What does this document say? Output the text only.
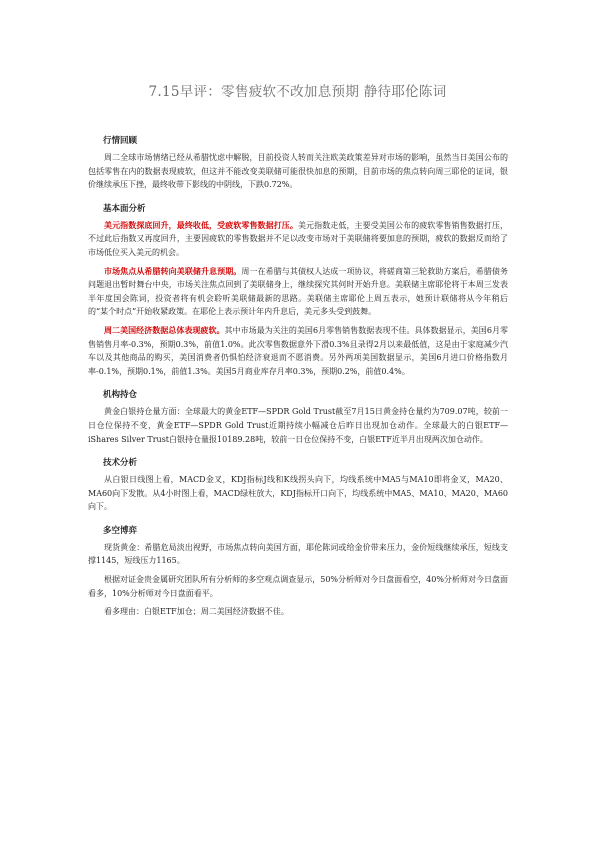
7.15早评：零售疲软不改加息预期 静待耶伦陈词
行情回顾

周二全球市场情绪已经从希腊忧虑中解脱，目前投资人转而关注欧美政策差异对市场的影响，虽然当日美国公布的包括零售在内的数据表现疲软，但这并不能改变美联储可能很快加息的预期，目前市场的焦点转向周三耶伦的证词，银价继续承压下挫，最终收带下影线的中阴线，下跌0.72%。

基本面分析

美元指数探底回升，最终收低，受疲软零售数据打压。美元指数走低，主要受美国公布的疲软零售销售数据打压，不过此后指数又再度回升，主要因疲软的零售数据并不足以改变市场对于美联储将要加息的预期，疲软的数据反而给了市场低位买入美元的机会。

市场焦点从希腊转向美联储升息预期。周一在希腊与其债权人达成一项协议，将磋商第三轮救助方案后，希腊债务问题退出暂时舞台中央，市场关注焦点回到了美联储身上，继续探究其何时开始升息。美联储主席耶伦将于本周三发表半年度国会陈词，投资者将有机会聆听美联储最新的思路。美联储主席耶伦上周五表示，她预计联储将从今年稍后的“某个时点”开始收紧政策。在耶伦上表示预计年内升息后，美元多头受到鼓舞。

周二美国经济数据总体表现疲软。其中市场最为关注的美国6月零售销售数据表现不佳。具体数据显示，美国6月零售销售月率-0.3%，预期0.3%，前值1.0%。此次零售数据意外下滑0.3%且录得2月以来最低值，这是由于家庭减少汽车以及其他商品的购买，美国消费者仍惧怕经济衰退而不愿消费。另外两项美国数据显示，美国6月进口价格指数月率-0.1%，预期0.1%，前值1.3%。美国5月商业库存月率0.3%，预期0.2%，前值0.4%。

机构持仓

黄金白银持仓量方面：全球最大的黄金ETF—SPDR Gold Trust截至7月15日黄金持仓量约为709.07吨，较前一日仓位保持不变，黄金ETF—SPDR Gold Trust近期持续小幅减仓后昨日出现加仓动作。全球最大的白银ETF—iShares Silver Trust白银持仓量报10189.28吨，较前一日仓位保持不变，白银ETF近半月出现两次加仓动作。

技术分析

从白银日线图上看，MACD金叉，KDJ指标J线和K线拐头向下，均线系统中MA5与MA10即将金叉，MA20、MA60向下发散。从4小时图上看，MACD绿柱放大，KDJ指标开口向下，均线系统中MA5、MA10、MA20、MA60向下。

多空博弈

现货黄金：希腊危局淡出视野，市场焦点转向美国方面，耶伦陈词或给金价带来压力，金价短线继续承压，短线支撑1145，短线压力1165。

根据对证金贵金属研究团队所有分析师的多空观点调查显示，50%分析师对今日盘面看空，40%分析师对今日盘面看多，10%分析师对今日盘面看平。

看多理由：白银ETF加仓；周二美国经济数据不佳。
